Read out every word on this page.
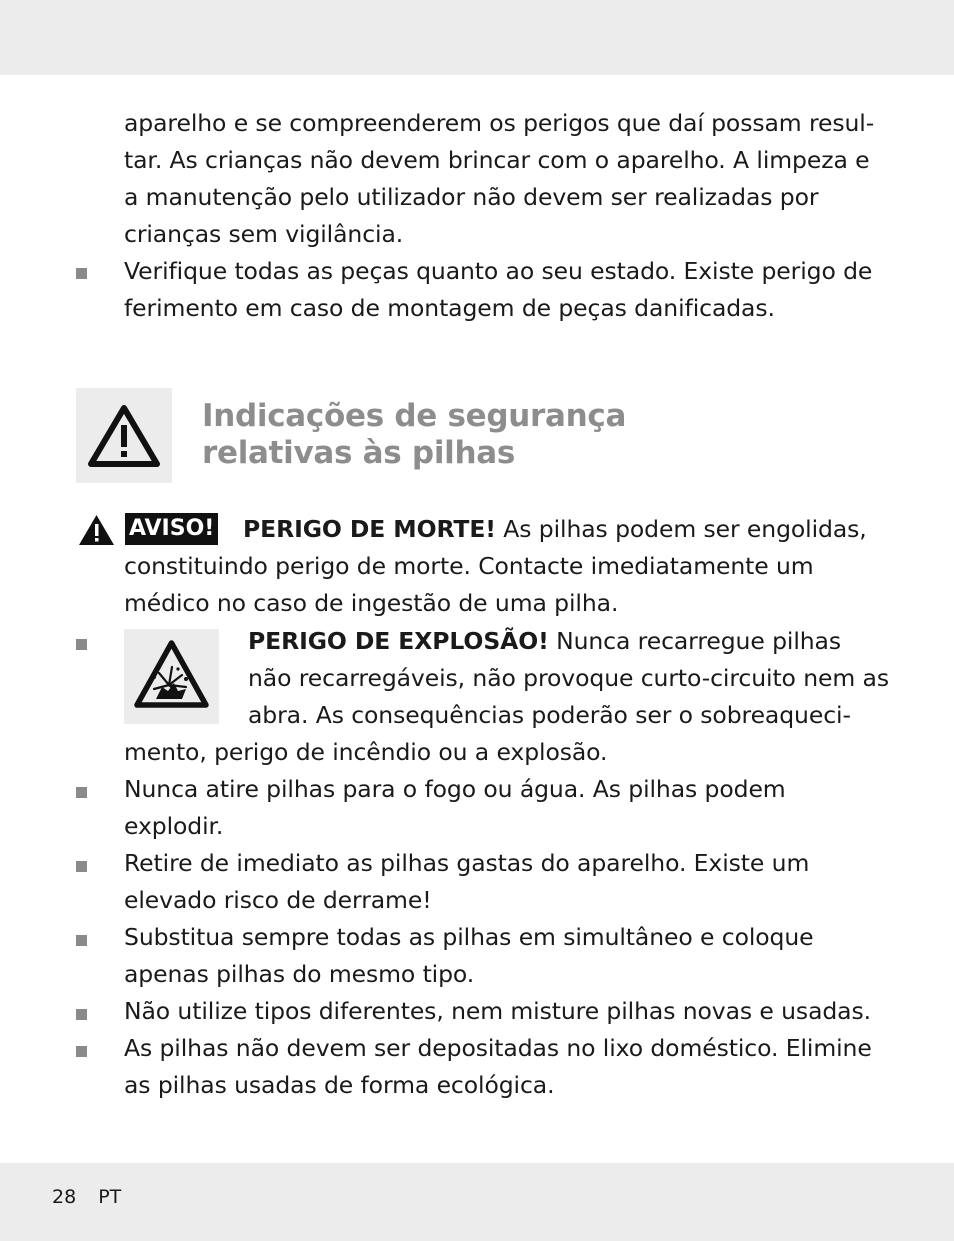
aparelho e se compreenderem os perigos que daí possam resul-
tar. As crianças não devem brincar com o aparelho. A limpeza e
a manutenção pelo utilizador não devem ser realizadas por
crianças sem vigilância.
Verifique todas as peças quanto ao seu estado. Existe perigo de
ferimento em caso de montagem de peças danificadas.
Indicações de segurança
relativas às pilhas
AVISO! PERIGO DE MORTE! As pilhas podem ser engolidas,
constituindo perigo de morte. Contacte imediatamente um
médico no caso de ingestão de uma pilha.
PERIGO DE EXPLOSÃO! Nunca recarregue pilhas
não recarregáveis, não provoque curto-circuito nem as
abra. As consequências poderão ser o sobreaqueci-
mento, perigo de incêndio ou a explosão.
Nunca atire pilhas para o fogo ou água. As pilhas podem
explodir.
Retire de imediato as pilhas gastas do aparelho. Existe um
elevado risco de derrame!
Substitua sempre todas as pilhas em simultâneo e coloque
apenas pilhas do mesmo tipo.
Não utilize tipos diferentes, nem misture pilhas novas e usadas.
As pilhas não devem ser depositadas no lixo doméstico. Elimine
as pilhas usadas de forma ecológica.
28 PT
